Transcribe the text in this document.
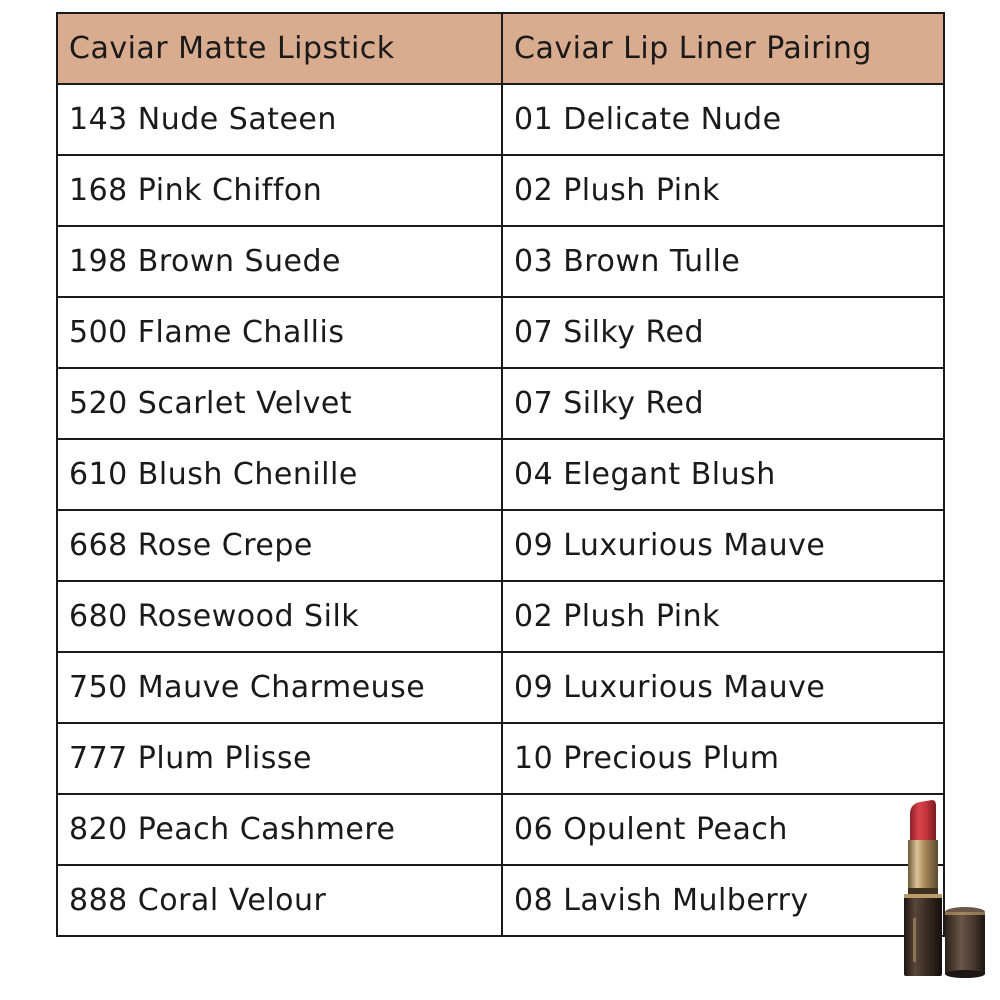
Caviar Matte Lipstick	Caviar Lip Liner Pairing
143 Nude Sateen	01 Delicate Nude
168 Pink Chiffon	02 Plush Pink
198 Brown Suede	03 Brown Tulle
500 Flame Challis	07 Silky Red
520 Scarlet Velvet	07 Silky Red
610 Blush Chenille	04 Elegant Blush
668 Rose Crepe	09 Luxurious Mauve
680 Rosewood Silk	02 Plush Pink
750 Mauve Charmeuse	09 Luxurious Mauve
777 Plum Plisse	10 Precious Plum
820 Peach Cashmere	06 Opulent Peach
888 Coral Velour	08 Lavish Mulberry
